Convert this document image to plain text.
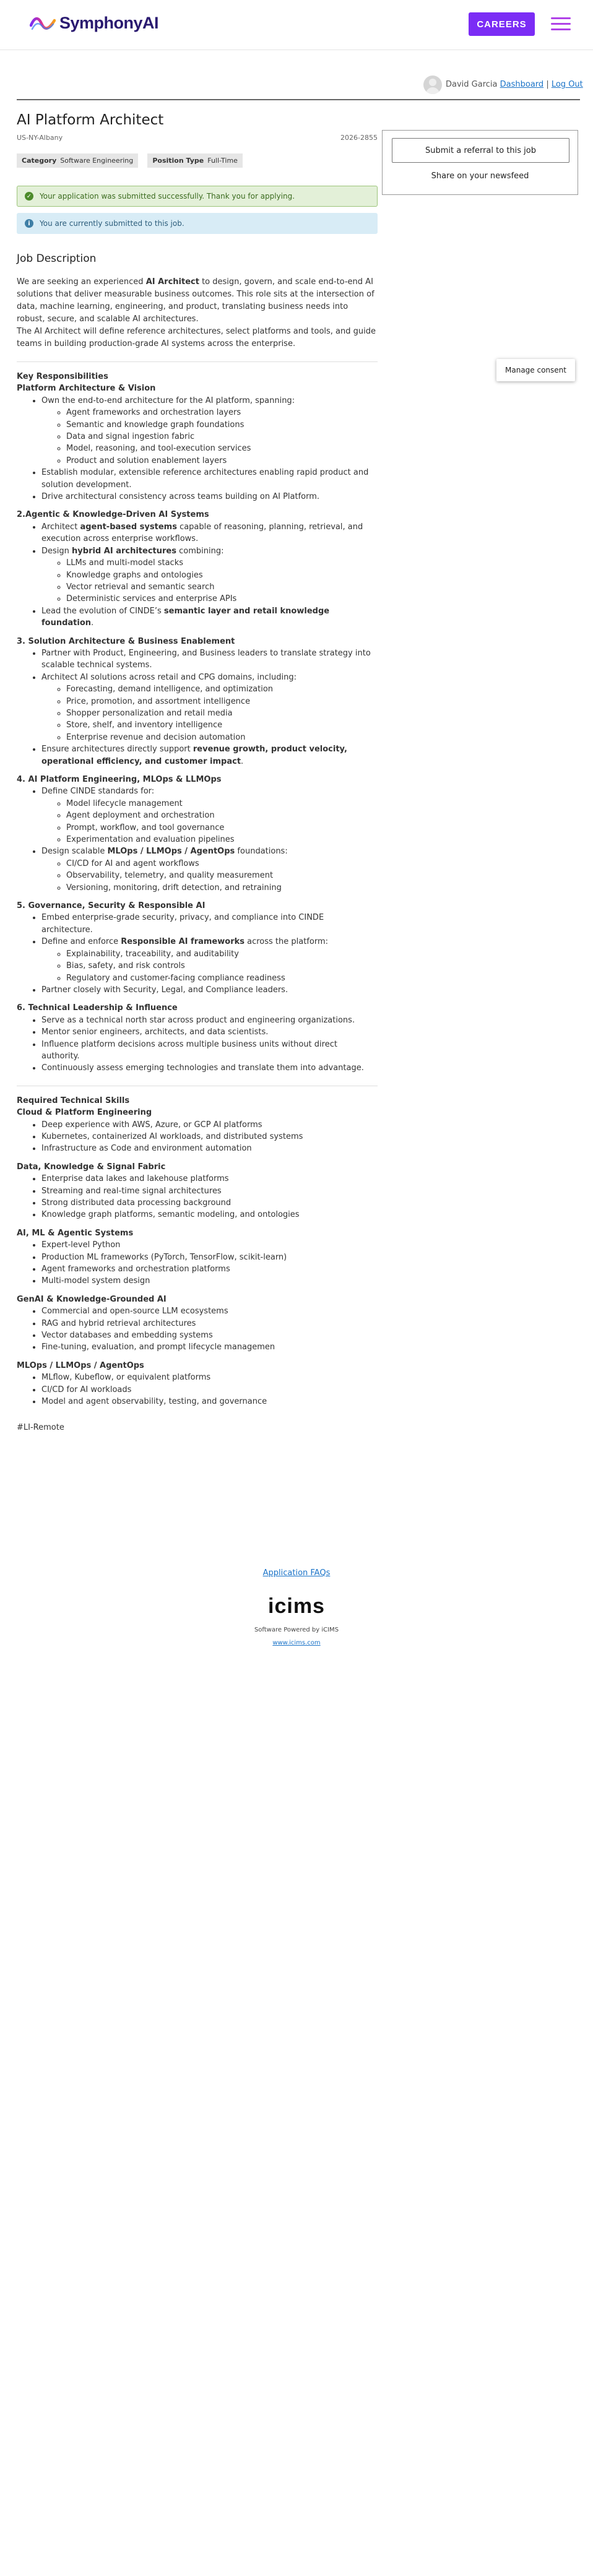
SymphonyAI	CAREERS
David Garcia Dashboard | Log Out
AI Platform Architect
US-NY-Albany	2026-2855
Category Software Engineering	Position Type Full-Time
✓ Your application was submitted successfully. Thank you for applying.
i	You are currently submitted to this job.
Job Description

We are seeking an experienced AI Architect to design, govern, and scale end-to-end AI solutions that deliver measurable business outcomes. This role sits at the intersection of data, machine learning, engineering, and product, translating business needs into robust, secure, and scalable AI architectures.

The AI Architect will define reference architectures, select platforms and tools, and guide teams in building production-grade AI systems across the enterprise.

Key Responsibilities
Platform Architecture & Vision
• Own the end-to-end architecture for the AI platform, spanning:
◦ Agent frameworks and orchestration layers
◦ Semantic and knowledge graph foundations
◦ Data and signal ingestion fabric
◦ Model, reasoning, and tool-execution services
◦ Product and solution enablement layers
• Establish modular, extensible reference architectures enabling rapid product and solution development.
• Drive architectural consistency across teams building on AI Platform.
2.Agentic & Knowledge-Driven AI Systems
• Architect agent-based systems capable of reasoning, planning, retrieval, and execution across enterprise workflows.
• Design hybrid AI architectures combining:
◦ LLMs and multi-model stacks
◦ Knowledge graphs and ontologies
◦ Vector retrieval and semantic search
◦ Deterministic services and enterprise APIs
• Lead the evolution of CINDE’s semantic layer and retail knowledge foundation.
3. Solution Architecture & Business Enablement
• Partner with Product, Engineering, and Business leaders to translate strategy into scalable technical systems.
• Architect AI solutions across retail and CPG domains, including:
◦ Forecasting, demand intelligence, and optimization
◦ Price, promotion, and assortment intelligence
◦ Shopper personalization and retail media
◦ Store, shelf, and inventory intelligence
◦ Enterprise revenue and decision automation
• Ensure architectures directly support revenue growth, product velocity, operational efficiency, and customer impact.
4. AI Platform Engineering, MLOps & LLMOps
• Define CINDE standards for:
◦ Model lifecycle management
◦ Agent deployment and orchestration
◦ Prompt, workflow, and tool governance
◦ Experimentation and evaluation pipelines
• Design scalable MLOps / LLMOps / AgentOps foundations:
◦ CI/CD for AI and agent workflows
◦ Observability, telemetry, and quality measurement
◦ Versioning, monitoring, drift detection, and retraining
5. Governance, Security & Responsible AI
• Embed enterprise-grade security, privacy, and compliance into CINDE architecture.
• Define and enforce Responsible AI frameworks across the platform:
◦ Explainability, traceability, and auditability
◦ Bias, safety, and risk controls
◦ Regulatory and customer-facing compliance readiness
• Partner closely with Security, Legal, and Compliance leaders.
6. Technical Leadership & Influence
• Serve as a technical north star across product and engineering organizations.
• Mentor senior engineers, architects, and data scientists.
• Influence platform decisions across multiple business units without direct authority.
• Continuously assess emerging technologies and translate them into advantage.
Required Technical Skills
Cloud & Platform Engineering
• Deep experience with AWS, Azure, or GCP AI platforms
• Kubernetes, containerized AI workloads, and distributed systems
• Infrastructure as Code and environment automation
Data, Knowledge & Signal Fabric
• Enterprise data lakes and lakehouse platforms
• Streaming and real-time signal architectures
• Strong distributed data processing background
• Knowledge graph platforms, semantic modeling, and ontologies
AI, ML & Agentic Systems
• Expert-level Python
• Production ML frameworks (PyTorch, TensorFlow, scikit-learn)
• Agent frameworks and orchestration platforms
• Multi-model system design
GenAI & Knowledge-Grounded AI
• Commercial and open-source LLM ecosystems
• RAG and hybrid retrieval architectures
• Vector databases and embedding systems
• Fine-tuning, evaluation, and prompt lifecycle managemen
MLOps / LLMOps / AgentOps
• MLflow, Kubeflow, or equivalent platforms
• CI/CD for AI workloads
• Model and agent observability, testing, and governance
#LI-Remote
Submit a referral to this job
Share on your newsfeed
Manage consent
Application FAQs
icims
Software Powered by iCIMS
www.icims.com
